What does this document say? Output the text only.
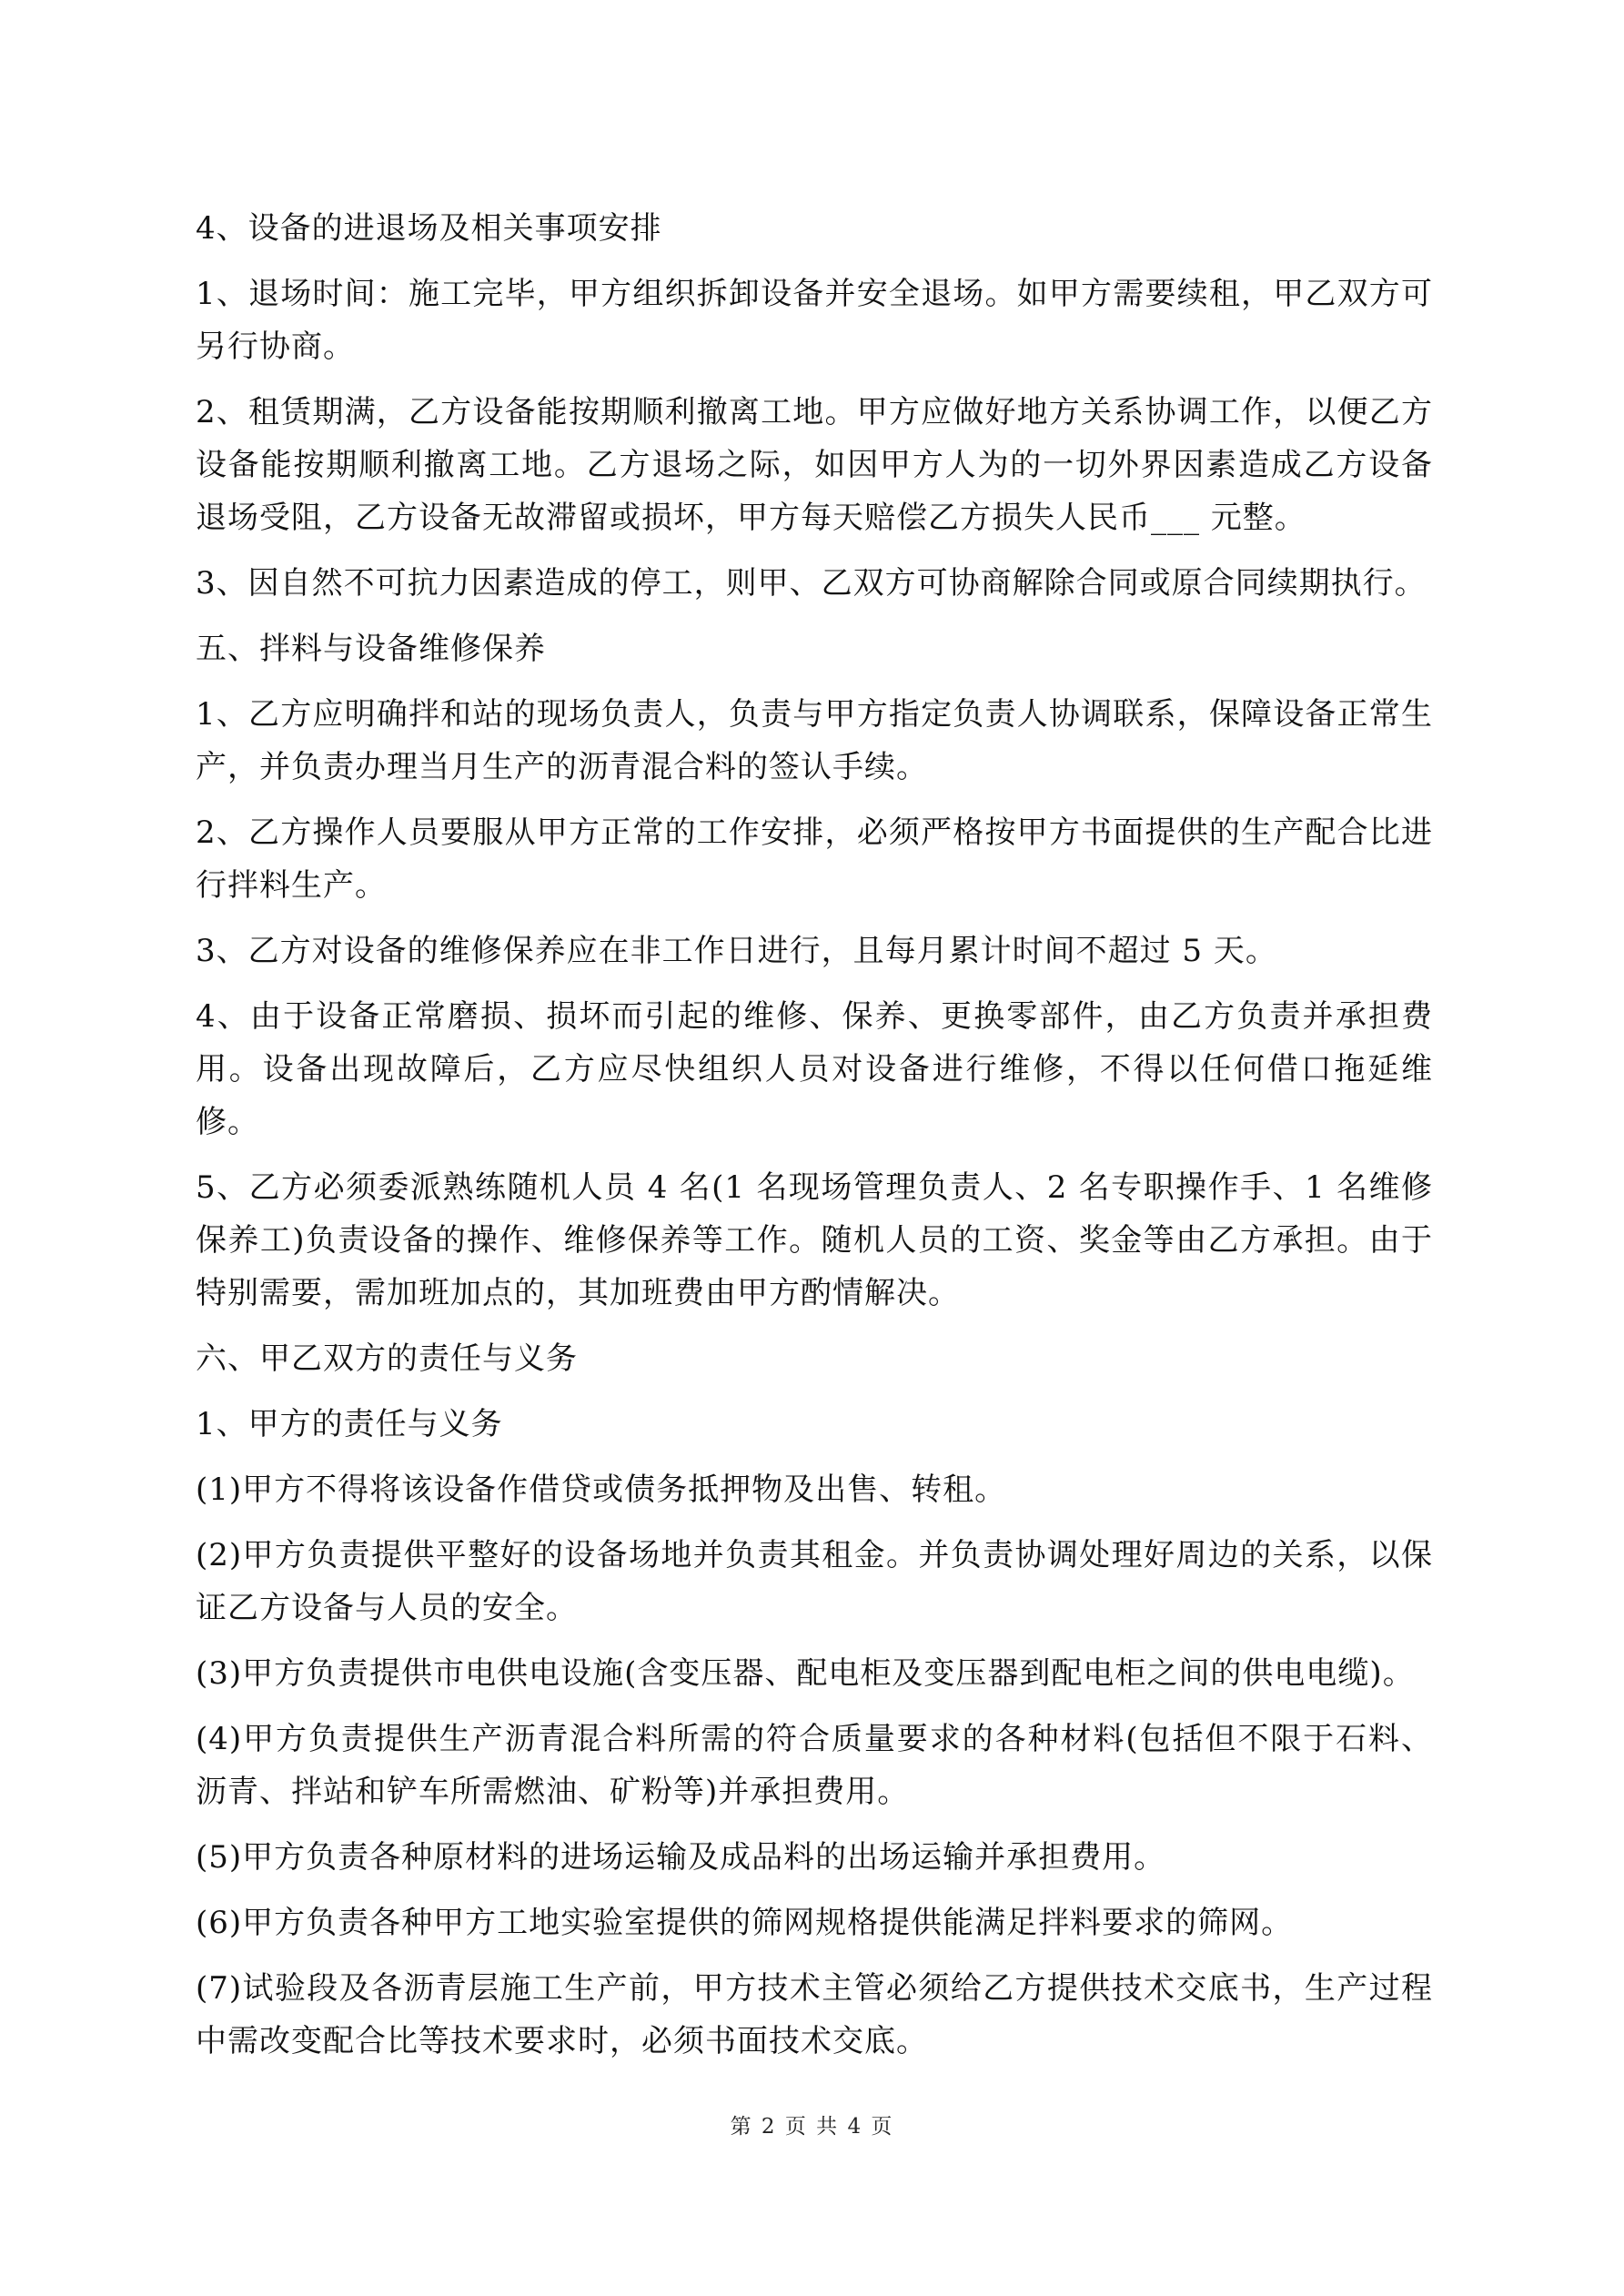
4、设备的进退场及相关事项安排

1、退场时间：施工完毕，甲方组织拆卸设备并安全退场。如甲方需要续租，甲乙双方可另行协商。

2、租赁期满，乙方设备能按期顺利撤离工地。甲方应做好地方关系协调工作，以便乙方设备能按期顺利撤离工地。乙方退场之际，如因甲方人为的一切外界因素造成乙方设备退场受阻，乙方设备无故滞留或损坏，甲方每天赔偿乙方损失人民币___ 元整。

3、因自然不可抗力因素造成的停工，则甲、乙双方可协商解除合同或原合同续期执行。

五、拌料与设备维修保养

1、乙方应明确拌和站的现场负责人，负责与甲方指定负责人协调联系，保障设备正常生产，并负责办理当月生产的沥青混合料的签认手续。

2、乙方操作人员要服从甲方正常的工作安排，必须严格按甲方书面提供的生产配合比进行拌料生产。

3、乙方对设备的维修保养应在非工作日进行，且每月累计时间不超过 5 天。

4、由于设备正常磨损、损坏而引起的维修、保养、更换零部件，由乙方负责并承担费用。设备出现故障后，乙方应尽快组织人员对设备进行维修，不得以任何借口拖延维修。

5、乙方必须委派熟练随机人员 4 名(1 名现场管理负责人、2 名专职操作手、1 名维修保养工)负责设备的操作、维修保养等工作。随机人员的工资、奖金等由乙方承担。由于特别需要，需加班加点的，其加班费由甲方酌情解决。

六、甲乙双方的责任与义务

1、甲方的责任与义务

(1)甲方不得将该设备作借贷或债务抵押物及出售、转租。

(2)甲方负责提供平整好的设备场地并负责其租金。并负责协调处理好周边的关系，以保证乙方设备与人员的安全。

(3)甲方负责提供市电供电设施(含变压器、配电柜及变压器到配电柜之间的供电电缆)。

(4)甲方负责提供生产沥青混合料所需的符合质量要求的各种材料(包括但不限于石料、沥青、拌站和铲车所需燃油、矿粉等)并承担费用。

(5)甲方负责各种原材料的进场运输及成品料的出场运输并承担费用。

(6)甲方负责各种甲方工地实验室提供的筛网规格提供能满足拌料要求的筛网。

(7)试验段及各沥青层施工生产前，甲方技术主管必须给乙方提供技术交底书，生产过程中需改变配合比等技术要求时，必须书面技术交底。

第 2 页 共 4 页
